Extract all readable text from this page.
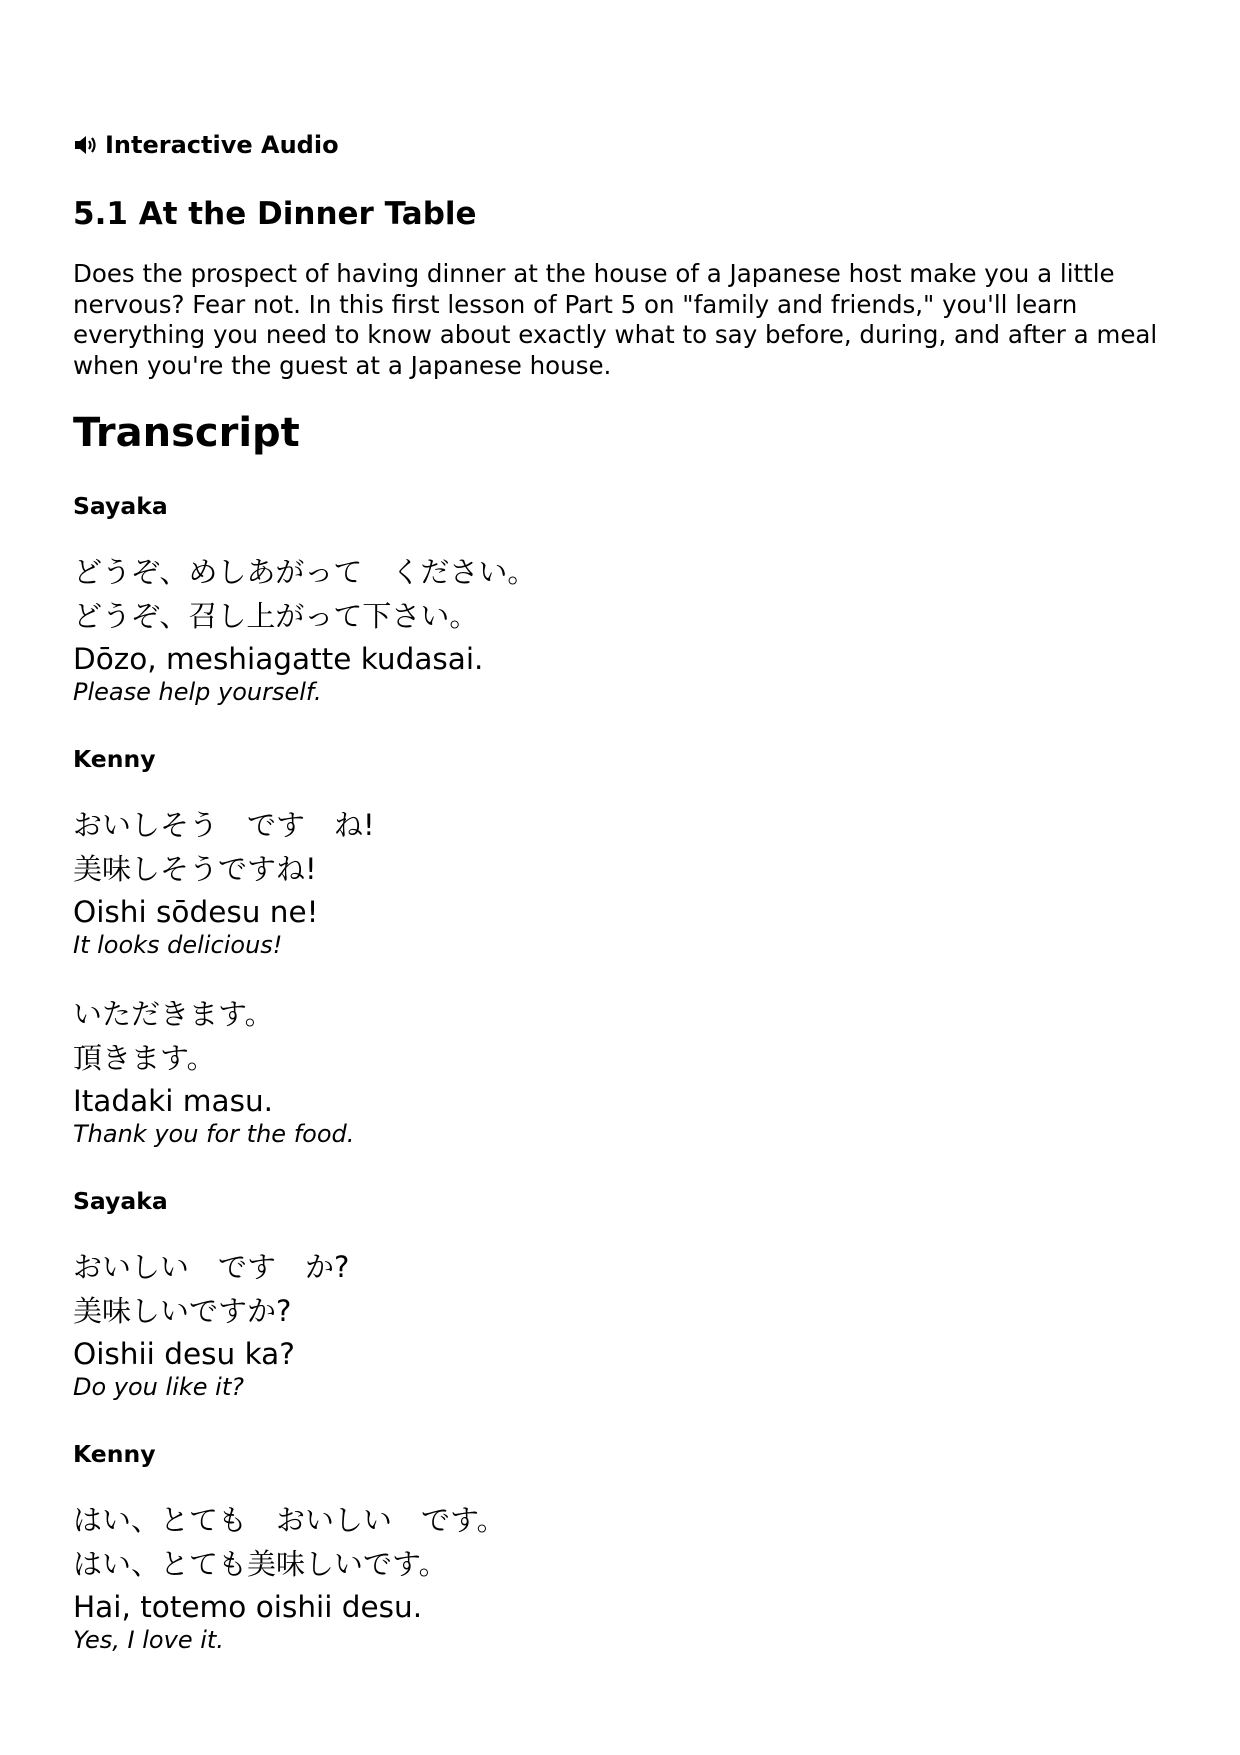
Interactive Audio
5.1 At the Dinner Table

Does the prospect of having dinner at the house of a Japanese host make you a little nervous? Fear not. In this first lesson of Part 5 on "family and friends," you'll learn everything you need to know about exactly what to say before, during, and after a meal when you're the guest at a Japanese house.

Transcript
Sayaka
どうぞ、めしあがって　ください。
どうぞ、召し上がって下さい。
Dōzo, meshiagatte kudasai.
Please help yourself.
Kenny
おいしそう　です　ね!
美味しそうですね!
Oishi sōdesu ne!
It looks delicious!
いただきます。
頂きます。
Itadaki masu.
Thank you for the food.
Sayaka
おいしい　です　か?
美味しいですか?
Oishii desu ka?
Do you like it?
Kenny
はい、とても　おいしい　です。
はい、とても美味しいです。
Hai, totemo oishii desu.
Yes, I love it.
